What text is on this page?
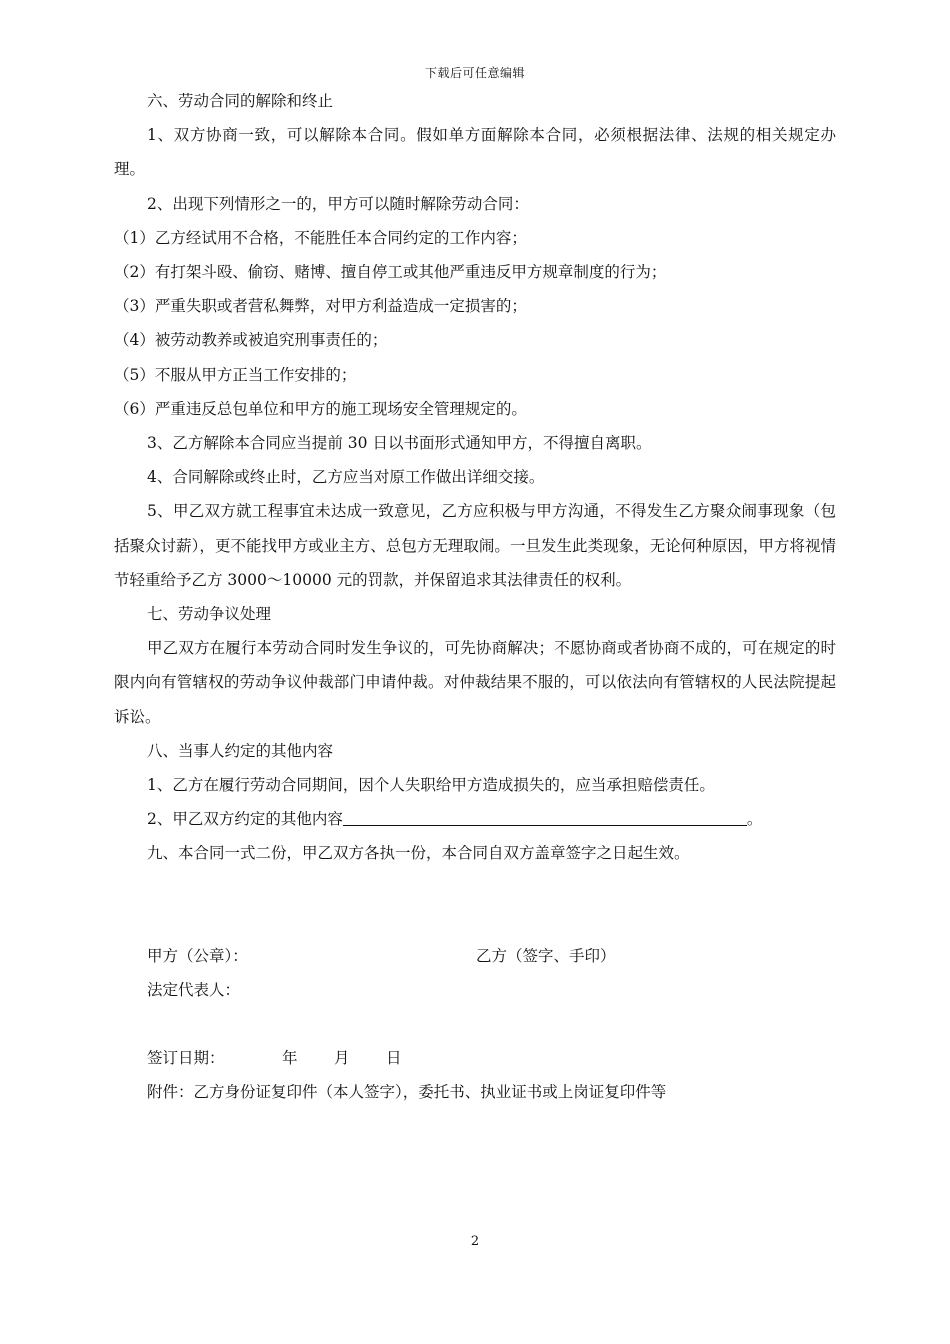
下载后可任意编辑

六、劳动合同的解除和终止

1、双方协商一致，可以解除本合同。假如单方面解除本合同，必须根据法律、法规的相关规定办理。

2、出现下列情形之一的，甲方可以随时解除劳动合同：

（1）乙方经试用不合格，不能胜任本合同约定的工作内容；

（2）有打架斗殴、偷窃、赌博、擅自停工或其他严重违反甲方规章制度的行为；

（3）严重失职或者营私舞弊，对甲方利益造成一定损害的；

（4）被劳动教养或被追究刑事责任的；

（5）不服从甲方正当工作安排的；

（6）严重违反总包单位和甲方的施工现场安全管理规定的。

3、乙方解除本合同应当提前 30 日以书面形式通知甲方，不得擅自离职。

4、合同解除或终止时，乙方应当对原工作做出详细交接。

5、甲乙双方就工程事宜未达成一致意见，乙方应积极与甲方沟通，不得发生乙方聚众闹事现象（包括聚众讨薪），更不能找甲方或业主方、总包方无理取闹。一旦发生此类现象，无论何种原因，甲方将视情节轻重给予乙方 3000～10000 元的罚款，并保留追求其法律责任的权利。

七、劳动争议处理

甲乙双方在履行本劳动合同时发生争议的，可先协商解决；不愿协商或者协商不成的，可在规定的时限内向有管辖权的劳动争议仲裁部门申请仲裁。对仲裁结果不服的，可以依法向有管辖权的人民法院提起诉讼。

八、当事人约定的其他内容

1、乙方在履行劳动合同期间，因个人失职给甲方造成损失的，应当承担赔偿责任。

2、甲乙双方约定的其他内容	。

九、本合同一式二份，甲乙双方各执一份，本合同自双方盖章签字之日起生效。

甲方（公章）：	乙方（签字、手印）

法定代表人：

签订日期：	年 月 日

附件：乙方身份证复印件（本人签字），委托书、执业证书或上岗证复印件等

2
